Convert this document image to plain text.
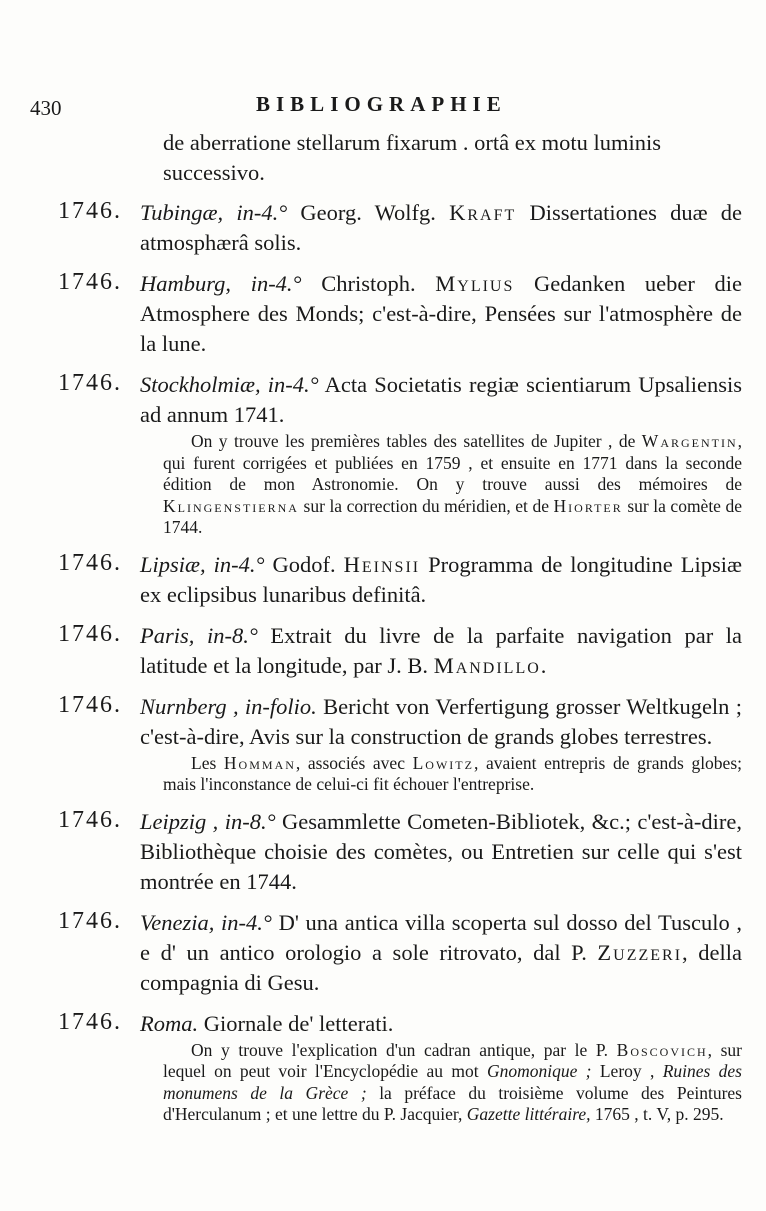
430	BIBLIOGRAPHIE
de aberratione stellarum fixarum . ortâ ex motu luminis successivo.
1746. Tubingæ, in-4.° Georg. Wolfg. Kraft Dissertationes duæ de atmosphærâ solis.
1746. Hamburg, in-4.° Christoph. Mylius Gedanken ueber die Atmosphere des Monds; c'est-à-dire, Pensées sur l'atmosphère de la lune.
1746. Stockholmiæ, in-4.° Acta Societatis regiæ scientiarum Upsaliensis ad annum 1741.
On y trouve les premières tables des satellites de Jupiter , de Wargentin, qui furent corrigées et publiées en 1759 , et ensuite en 1771 dans la seconde édition de mon Astronomie. On y trouve aussi des mémoires de Klingenstierna sur la correction du méridien, et de Hiorter sur la comète de 1744.
1746. Lipsiæ, in-4.° Godof. Heinsii Programma de longitudine Lipsiæ ex eclipsibus lunaribus definitâ.
1746. Paris, in-8.° Extrait du livre de la parfaite navigation par la latitude et la longitude, par J. B. Mandillo.
1746. Nurnberg , in-folio. Bericht von Verfertigung grosser Weltkugeln ; c'est-à-dire, Avis sur la construction de grands globes terrestres.
Les Homman, associés avec Lowitz, avaient entrepris de grands globes; mais l'inconstance de celui-ci fit échouer l'entreprise.
1746. Leipzig , in-8.° Gesammlette Cometen-Bibliotek, &c.; c'est-à-dire, Bibliothèque choisie des comètes, ou Entretien sur celle qui s'est montrée en 1744.
1746. Venezia, in-4.° D' una antica villa scoperta sul dosso del Tusculo , e d' un antico orologio a sole ritrovato, dal P. Zuzzeri, della compagnia di Gesu.
1746. Roma. Giornale de' letterati.
On y trouve l'explication d'un cadran antique, par le P. Boscovich, sur lequel on peut voir l'Encyclopédie au mot Gnomonique ; Leroy , Ruines des monumens de la Grèce ; la préface du troisième volume des Peintures d'Herculanum ; et une lettre du P. Jacquier, Gazette littéraire, 1765 , t. V, p. 295.
